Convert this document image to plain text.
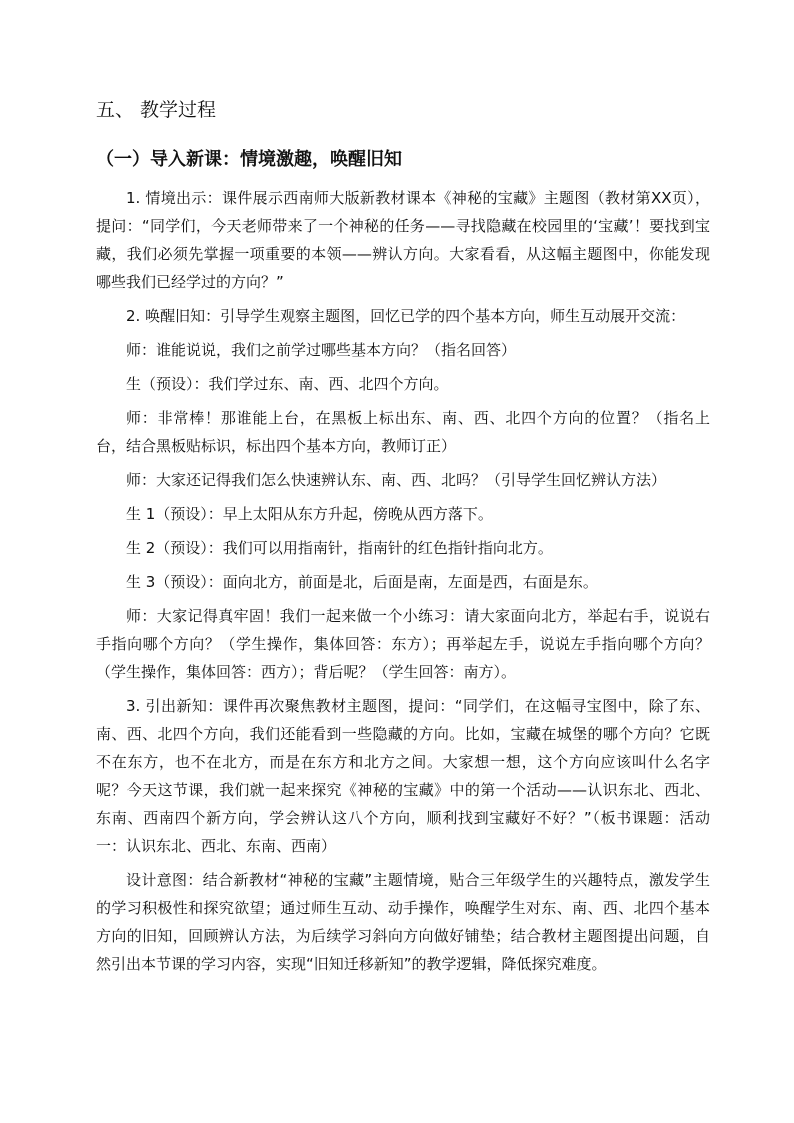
五、 教学过程
（一）导入新课：情境激趣，唤醒旧知

1. 情境出示：课件展示西南师大版新教材课本《神秘的宝藏》主题图（教材第XX页），提问：“同学们，今天老师带来了一个神秘的任务——寻找隐藏在校园里的‘宝藏’！要找到宝藏，我们必须先掌握一项重要的本领——辨认方向。大家看看，从这幅主题图中，你能发现哪些我们已经学过的方向？”

2. 唤醒旧知：引导学生观察主题图，回忆已学的四个基本方向，师生互动展开交流：

师：谁能说说，我们之前学过哪些基本方向？（指名回答）

生（预设）：我们学过东、南、西、北四个方向。

师：非常棒！那谁能上台，在黑板上标出东、南、西、北四个方向的位置？（指名上台，结合黑板贴标识，标出四个基本方向，教师订正）

师：大家还记得我们怎么快速辨认东、南、西、北吗？（引导学生回忆辨认方法）

生 1（预设）：早上太阳从东方升起，傍晚从西方落下。

生 2（预设）：我们可以用指南针，指南针的红色指针指向北方。

生 3（预设）：面向北方，前面是北，后面是南，左面是西，右面是东。

师：大家记得真牢固！我们一起来做一个小练习：请大家面向北方，举起右手，说说右手指向哪个方向？（学生操作，集体回答：东方）；再举起左手，说说左手指向哪个方向？（学生操作，集体回答：西方）；背后呢？（学生回答：南方）。

3. 引出新知：课件再次聚焦教材主题图，提问：“同学们，在这幅寻宝图中，除了东、南、西、北四个方向，我们还能看到一些隐藏的方向。比如，宝藏在城堡的哪个方向？它既不在东方，也不在北方，而是在东方和北方之间。大家想一想，这个方向应该叫什么名字呢？今天这节课，我们就一起来探究《神秘的宝藏》中的第一个活动——认识东北、西北、东南、西南四个新方向，学会辨认这八个方向，顺利找到宝藏好不好？”（板书课题：活动一：认识东北、西北、东南、西南）

设计意图：结合新教材“神秘的宝藏”主题情境，贴合三年级学生的兴趣特点，激发学生的学习积极性和探究欲望；通过师生互动、动手操作，唤醒学生对东、南、西、北四个基本方向的旧知，回顾辨认方法，为后续学习斜向方向做好铺垫；结合教材主题图提出问题，自然引出本节课的学习内容，实现“旧知迁移新知”的教学逻辑，降低探究难度。
